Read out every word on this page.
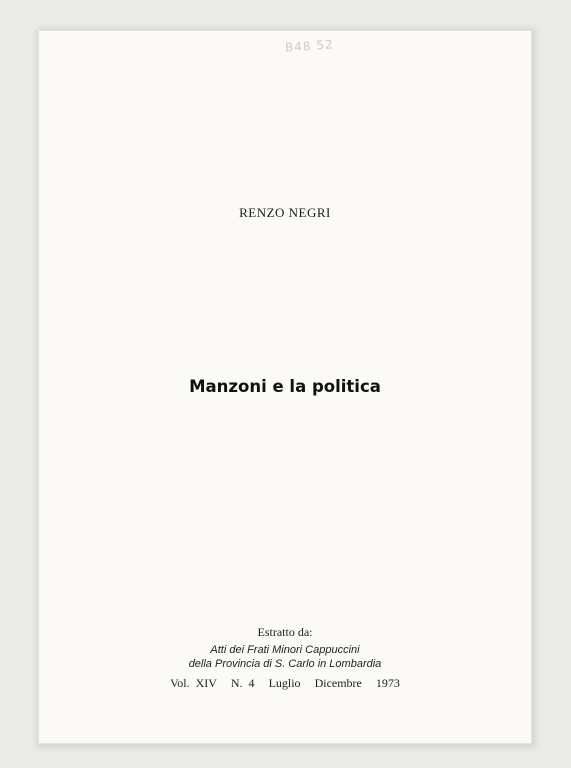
B48 52
RENZO NEGRI
Manzoni e la politica
Estratto da:
Atti dei Frati Minori Cappuccini
della Provincia di S. Carlo in Lombardia
Vol. XIV N. 4 Luglio Dicembre 1973
